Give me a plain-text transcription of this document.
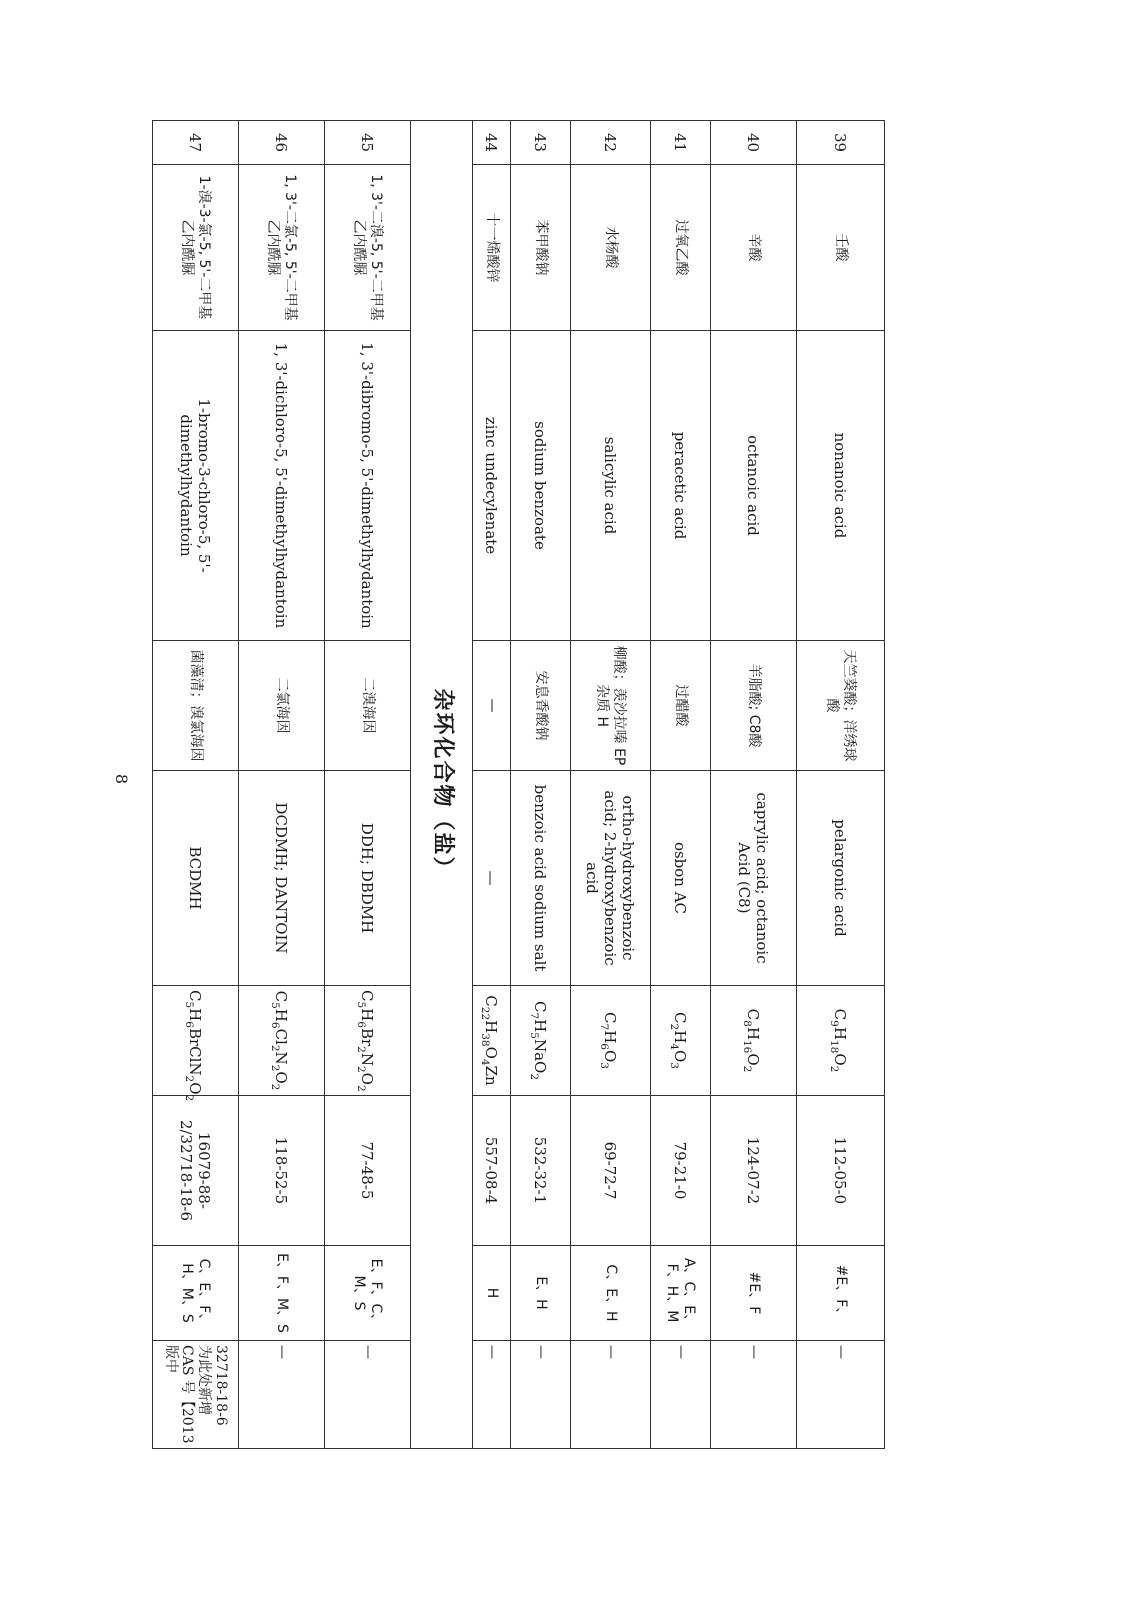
39	壬酸	nonanoic acid	天竺葵酸；洋绣球酸	pelargonic acid	$C_9H_{18}O_2$	112-05-0	#E、F、	—
40	辛酸	octanoic acid	羊脂酸; C8酸	caprylic acid; octanoic Acid (C8)	$C_8H_{16}O_2$	124-07-2	#E、F	—
41	过氧乙酸	peracetic acid	过醋酸	osbon AC	$C_2H_4O_3$	79-21-0	A、C、E、F、H、M	—
42	水杨酸	salicylic acid	柳酸；羡沙拉嗪 EP 杂质 H	ortho-hydroxybenzoic acid; 2-hydroxybenzoic acid	$C_7H_6O_3$	69-72-7	C、E、H	—
43	苯甲酸钠	sodium benzoate	安息香酸钠	benzoic acid sodium salt	$C_7H_5NaO_2$	532-32-1	E、H	—
44	十一烯酸锌	zinc undecylenate	—	—	$C_{22}H_{38}O_4Zn$	557-08-4	H	—
杂环化合物（盐）								
45	1, 3'-二溴-5, 5'-二甲基乙内酰脲	1, 3'-dibromo-5, 5'-dimethylhydantoin	二溴海因	DDH; DBDMH	$C_5H_6Br_2N_2O_2$	77-48-5	E、F、C、M、S	—
46	1, 3'-二氯-5, 5'-二甲基乙内酰脲	1, 3'-dichloro-5, 5'-dimethylhydantoin	二氯海因	DCDMH; DANTOIN	$C_5H_6Cl_2N_2O_2$	118-52-5	E、F、M、S	—
47	1-溴-3-氯-5, 5'-二甲基乙内酰脲	1-bromo-3-chloro-5, 5'-dimethylhydantoin	菌藻清；溴氯海因	BCDMH	$C_5H_6BrClN_2O_2$	16079-88-2/32718-18-6	C、E、F、H、M、S	32718-18-6 为此处新增 CAS 号【2013 版中
8
